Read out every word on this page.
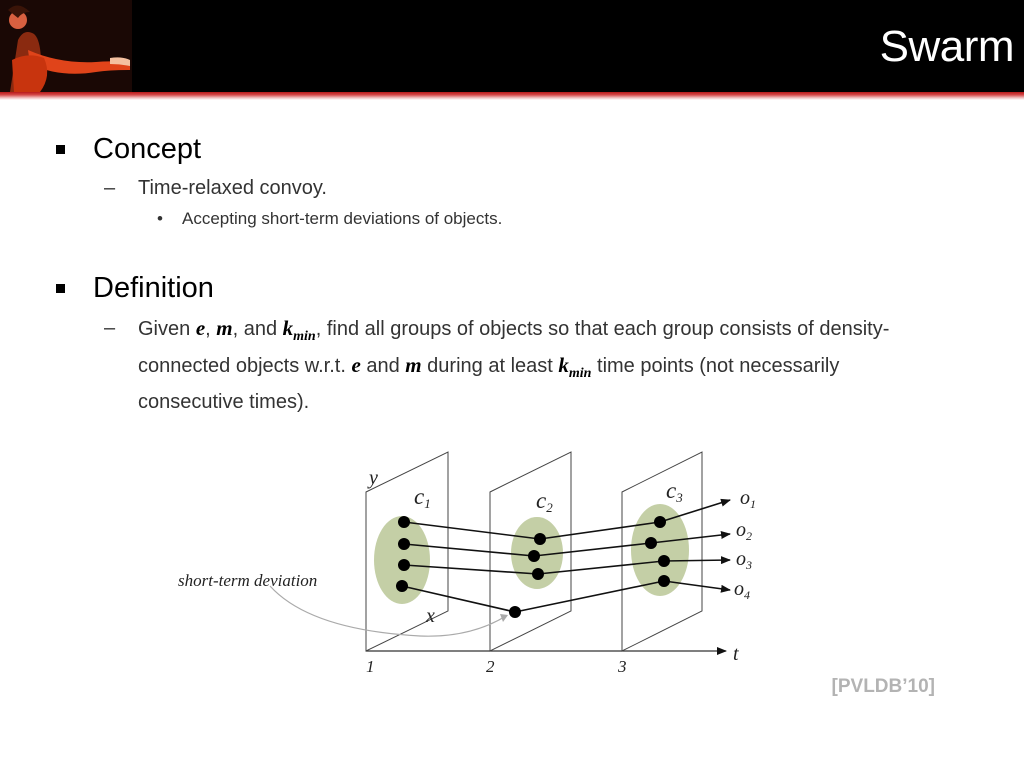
Swarm
Concept
– Time-relaxed convoy.
• Accepting short-term deviations of objects.
Definition
– Given e, m, and $k_{min}$, find all groups of objects so that each group consists of density-connected objects w.r.t. e and m during at least $k_{min}$ time points (not necessarily consecutive times).
short-term deviation
y
x
t
c1	c2
c3
1	2	3
$o_1$
$o_2$
$o_3$
$o_4$
[PVLDB’10]
